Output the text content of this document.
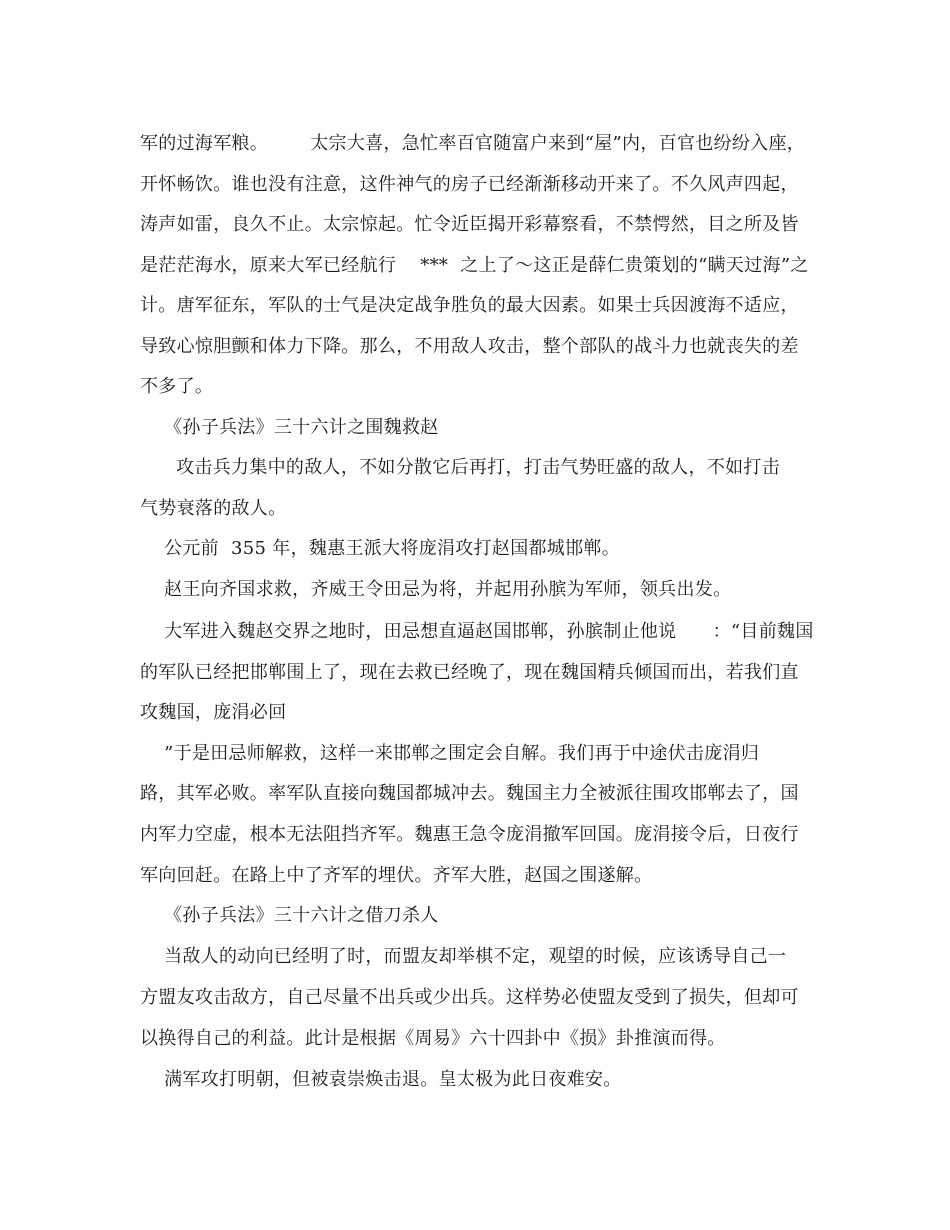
军的过海军粮。       太宗大喜，急忙率百官随富户来到“屋”内，百官也纷纷入座，
开怀畅饮。谁也没有注意，这件神气的房子已经渐渐移动开来了。不久风声四起，
涛声如雷，良久不止。太宗惊起。忙令近臣揭开彩幕察看，不禁愕然，目之所及皆
是茫茫海水，原来大军已经航行    ***  之上了～这正是薛仁贵策划的“瞒天过海”之
计。唐军征东，军队的士气是决定战争胜负的最大因素。如果士兵因渡海不适应，
导致心惊胆颤和体力下降。那么，不用敌人攻击，整个部队的战斗力也就丧失的差
不多了。
《孙子兵法》三十六计之围魏救赵
攻击兵力集中的敌人，不如分散它后再打，打击气势旺盛的敌人，不如打击
气势衰落的敌人。
公元前  355 年，魏惠王派大将庞涓攻打赵国都城邯郸。
赵王向齐国求救，齐威王令田忌为将，并起用孙膑为军师，领兵出发。
大军进入魏赵交界之地时，田忌想直逼赵国邯郸，孙膑制止他说      ：“目前魏国
的军队已经把邯郸围上了，现在去救已经晚了，现在魏国精兵倾国而出，若我们直
攻魏国，庞涓必回
”于是田忌师解救，这样一来邯郸之围定会自解。我们再于中途伏击庞涓归
路，其军必败。率军队直接向魏国都城冲去。魏国主力全被派往围攻邯郸去了，国
内军力空虚，根本无法阻挡齐军。魏惠王急令庞涓撤军回国。庞涓接令后，日夜行
军向回赶。在路上中了齐军的埋伏。齐军大胜，赵国之围遂解。
《孙子兵法》三十六计之借刀杀人
当敌人的动向已经明了时，而盟友却举棋不定，观望的时候，应该诱导自己一
方盟友攻击敌方，自己尽量不出兵或少出兵。这样势必使盟友受到了损失，但却可
以换得自己的利益。此计是根据《周易》六十四卦中《损》卦推演而得。
满军攻打明朝，但被袁崇焕击退。皇太极为此日夜难安。
